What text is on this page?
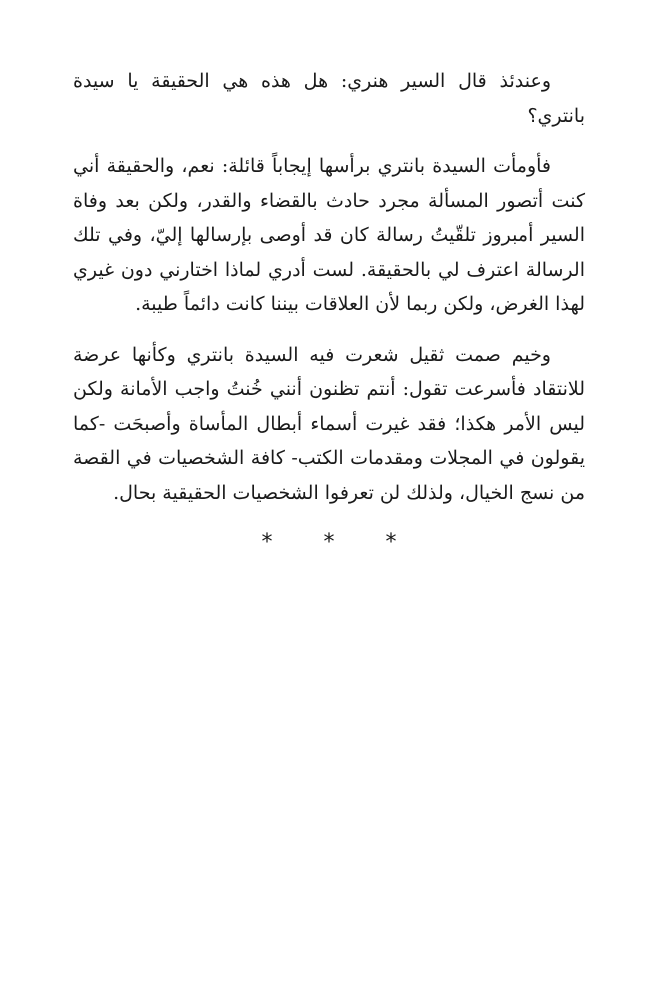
وعندئذ قال السير هنري: هل هذه هي الحقيقة يا سيدة بانتري؟

فأومأت السيدة بانتري برأسها إيجاباً قائلة: نعم، والحقيقة أني كنت أتصور المسألة مجرد حادث بالقضاء والقدر، ولكن بعد وفاة السير أمبروز تلقّيتُ رسالة كان قد أوصى بإرسالها إليّ، وفي تلك الرسالة اعترف لي بالحقيقة. لست أدري لماذا اختارني دون غيري لهذا الغرض، ولكن ربما لأن العلاقات بيننا كانت دائماً طيبة.

وخيم صمت ثقيل شعرت فيه السيدة بانتري وكأنها عرضة للانتقاد فأسرعت تقول: أنتم تظنون أنني خُنتُ واجب الأمانة ولكن ليس الأمر هكذا؛ فقد غيرت أسماء أبطال المأساة وأصبحَت -كما يقولون في المجلات ومقدمات الكتب- كافة الشخصيات في القصة من نسج الخيال، ولذلك لن تعرفوا الشخصيات الحقيقية بحال.

* * *
